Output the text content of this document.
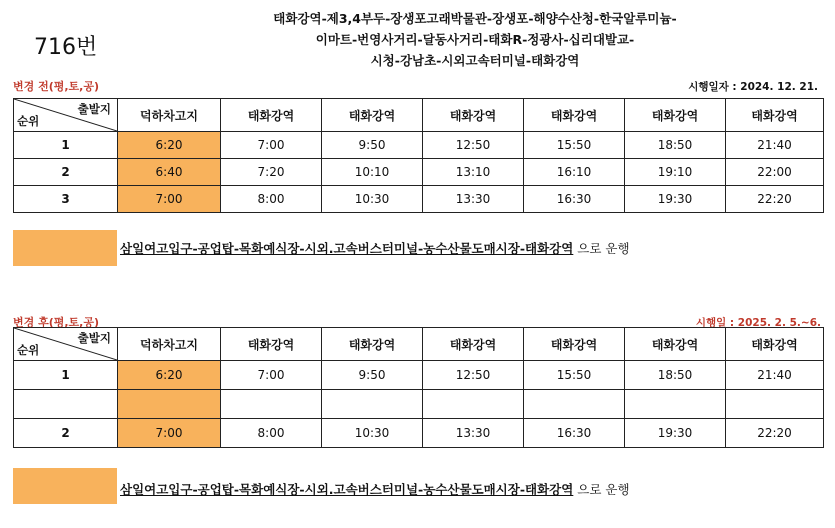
716번
태화강역-제3,4부두-장생포고래박물관-장생포-해양수산청-한국알루미늄-
이마트-번영사거리-달동사거리-태화R-정광사-십리대발교-
시청-강남초-시외고속터미널-태화강역
변경 전(평,토,공)	시행일자 : 2024. 12. 21.
출발지
순위	덕하차고지	태화강역	태화강역	태화강역	태화강역	태화강역	태화강역
1	6:20	7:00	9:50	12:50	15:50	18:50	21:40
2	6:40	7:20	10:10	13:10	16:10	19:10	22:00
3	7:00	8:00	10:30	13:30	16:30	19:30	22:20
삼일여고입구-공업탑-목화예식장-시외.고속버스터미널-농수산물도매시장-태화강역 으로 운행
변경 후(평,토,공)	시행일 : 2025. 2. 5.~6.
출발지
순위	덕하차고지	태화강역	태화강역	태화강역	태화강역	태화강역	태화강역
1	6:20	7:00	9:50	12:50	15:50	18:50	21:40

2	7:00	8:00	10:30	13:30	16:30	19:30	22:20
삼일여고입구-공업탑-목화예식장-시외.고속버스터미널-농수산물도매시장-태화강역 으로 운행
